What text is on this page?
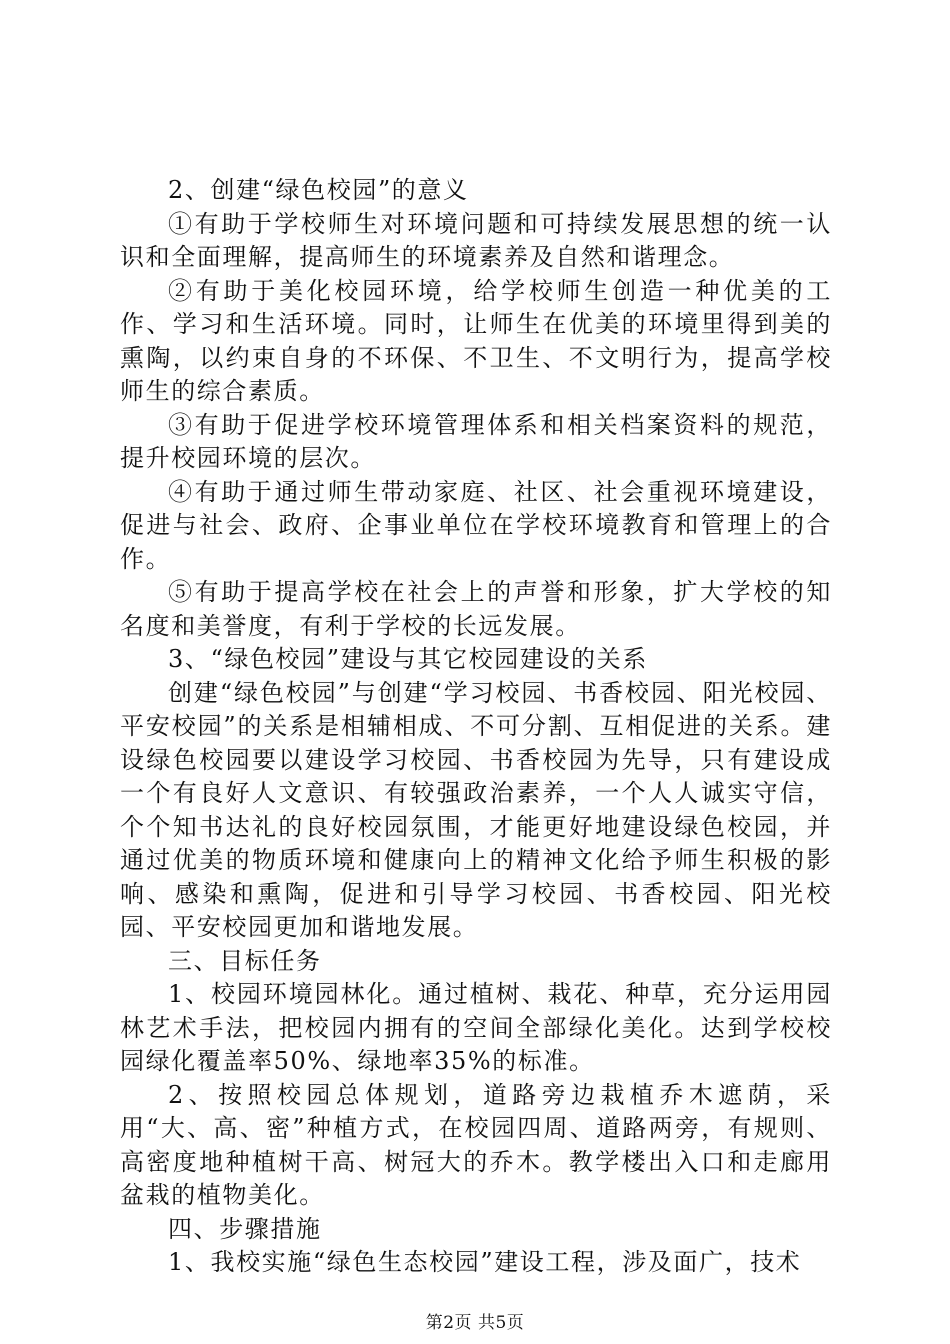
2、创建“绿色校园”的意义

①有助于学校师生对环境问题和可持续发展思想的统一认识和全面理解，提高师生的环境素养及自然和谐理念。

②有助于美化校园环境，给学校师生创造一种优美的工作、学习和生活环境。同时，让师生在优美的环境里得到美的熏陶，以约束自身的不环保、不卫生、不文明行为，提高学校师生的综合素质。

③有助于促进学校环境管理体系和相关档案资料的规范，提升校园环境的层次。

④有助于通过师生带动家庭、社区、社会重视环境建设，促进与社会、政府、企事业单位在学校环境教育和管理上的合作。

⑤有助于提高学校在社会上的声誉和形象，扩大学校的知名度和美誉度，有利于学校的长远发展。

3、“绿色校园”建设与其它校园建设的关系

创建“绿色校园”与创建“学习校园、书香校园、阳光校园、平安校园”的关系是相辅相成、不可分割、互相促进的关系。建设绿色校园要以建设学习校园、书香校园为先导，只有建设成一个有良好人文意识、有较强政治素养，一个人人诚实守信，个个知书达礼的良好校园氛围，才能更好地建设绿色校园，并通过优美的物质环境和健康向上的精神文化给予师生积极的影响、感染和熏陶，促进和引导学习校园、书香校园、阳光校园、平安校园更加和谐地发展。

三、目标任务

1、校园环境园林化。通过植树、栽花、种草，充分运用园林艺术手法，把校园内拥有的空间全部绿化美化。达到学校校园绿化覆盖率50%、绿地率35%的标准。

2、按照校园总体规划，道路旁边栽植乔木遮荫，采用“大、高、密”种植方式，在校园四周、道路两旁，有规则、高密度地种植树干高、树冠大的乔木。教学楼出入口和走廊用盆栽的植物美化。

四、步骤措施

1、我校实施“绿色生态校园”建设工程，涉及面广，技术

第2页 共5页
